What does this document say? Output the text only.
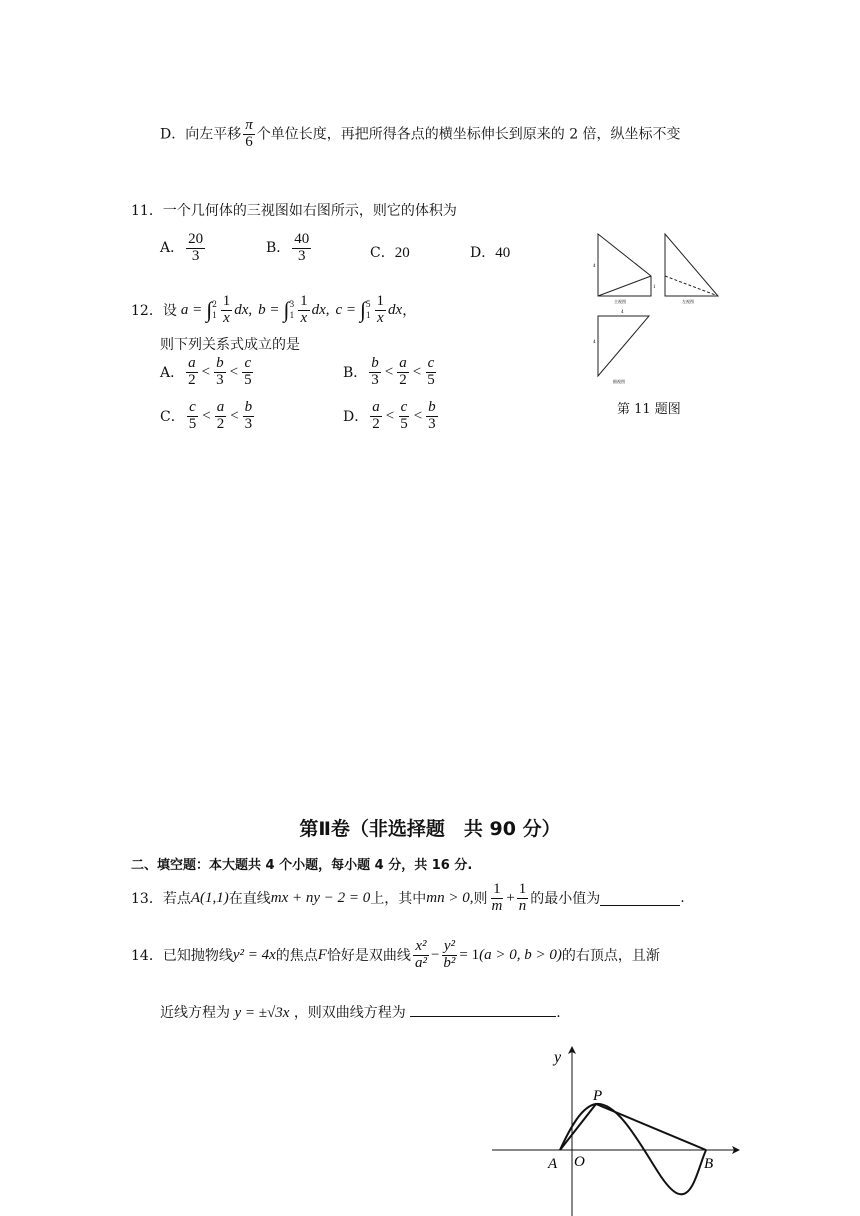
D．向左平移 $\frac{\pi}{6}$ 个单位长度，再把所得各点的横坐标伸长到原来的 2 倍，纵坐标不变
11．一个几何体的三视图如右图所示，则它的体积为
A． $\frac{20}{3}$	B． $\frac{40}{3}$	C．20	D．40
4
1
主视图	左视图
4
4
俯视图
第 11 题图
12． 设 a = ∫ 2
$1 \frac{1}{x}$ dx , b = ∫ 3
$1 \frac{1}{x}$ dx , c = ∫ 5
$1 \frac{1}{x}$ dx ，
则下列关系式成立的是
A． $\frac{a}{2} < \frac{b}{3} < \frac{c}{5}$	B． $\frac{b}{3} < \frac{a}{2} < \frac{c}{5}$
C． $\frac{c}{5} < \frac{a}{2} < \frac{b}{3}$	D． $\frac{a}{2} < \frac{c}{5} < \frac{b}{3}$
第Ⅱ卷（非选择题　共 90 分）
二、填空题：本大题共 4 个小题，每小题 4 分，共 16 分.
13． 若点 A(1,1) 在直线 mx + ny − 2 = 0 上，其中 mn > 0, 则 $\frac{1}{m} + \frac{1}{n}$ 的最小值为	.
14． 已知抛物线 y² = 4x 的焦点 F 恰好是双曲线 $\frac{\text{x²}}{\text{a²}} - \frac{\text{y²}}{\text{b²}} = 1$ (a > 0, b > 0) 的右顶点，且渐
近线方程为 y = ±√3x ，则双曲线方程为	.
y
P
A O	B
